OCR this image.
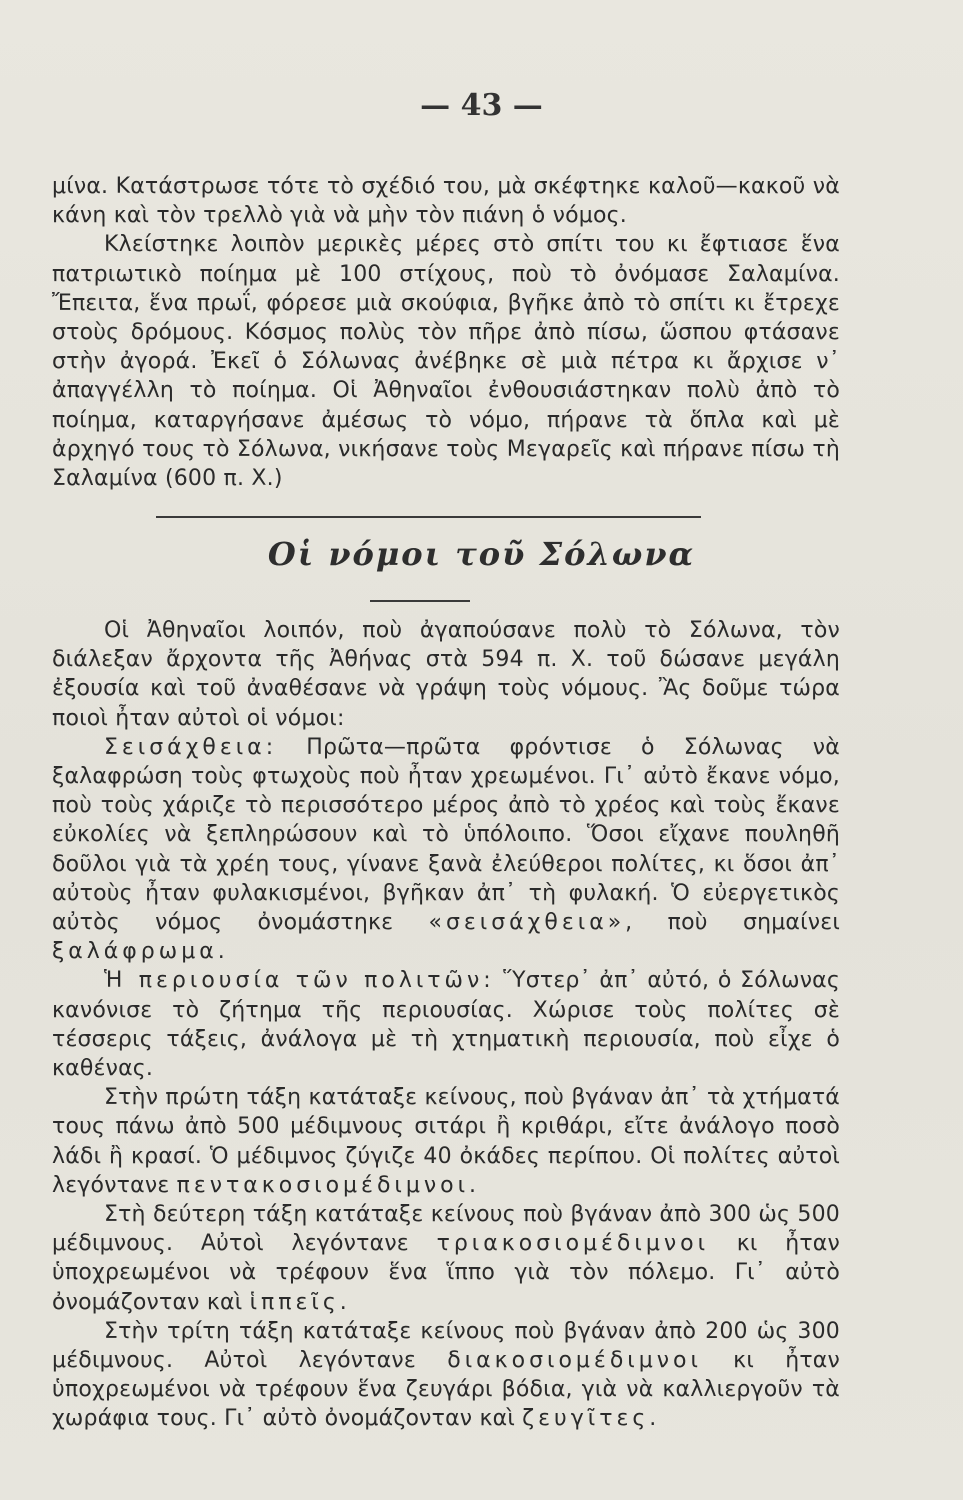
— 43 —

μίνα. Κατάστρωσε τότε τὸ σχέδιό του, μὰ σκέφτηκε καλοῦ—κακοῦ νὰ κάνη καὶ τὸν τρελλὸ γιὰ νὰ μὴν τὸν πιάνη ὁ νόμος.

Κλείστηκε λοιπὸν μερικὲς μέρες στὸ σπίτι του κι ἔφτιασε ἕνα πατριωτικὸ ποίημα μὲ 100 στίχους, ποὺ τὸ ὀνόμασε Σαλαμίνα. Ἔπειτα, ἕνα πρωΐ, φόρεσε μιὰ σκούφια, βγῆκε ἀπὸ τὸ σπίτι κι ἔτρεχε στοὺς δρόμους. Κόσμος πολὺς τὸν πῆρε ἀπὸ πίσω, ὥσπου φτάσανε στὴν ἀγορά. Ἐκεῖ ὁ Σόλωνας ἀνέβηκε σὲ μιὰ πέτρα κι ἄρχισε ν᾽ ἀπαγγέλλη τὸ ποίημα. Οἱ Ἀθηναῖοι ἐνθουσιάστηκαν πολὺ ἀπὸ τὸ ποίημα, καταργήσανε ἀμέσως τὸ νόμο, πήρανε τὰ ὅπλα καὶ μὲ ἀρχηγό τους τὸ Σόλωνα, νικήσανε τοὺς Μεγαρεῖς καὶ πήρανε πίσω τὴ Σαλαμίνα (600 π. Χ.)

Οἱ νόμοι τοῦ Σόλωνα

Οἱ Ἀθηναῖοι λοιπόν, ποὺ ἀγαπούσανε πολὺ τὸ Σόλωνα, τὸν διάλεξαν ἄρχοντα τῆς Ἀθήνας στὰ 594 π. Χ. τοῦ δώσανε μεγάλη ἐξουσία καὶ τοῦ ἀναθέσανε νὰ γράψη τοὺς νόμους. Ἂς δοῦμε τώρα ποιοὶ ἦταν αὐτοὶ οἱ νόμοι:

Σεισάχθεια: Πρῶτα—πρῶτα φρόντισε ὁ Σόλωνας νὰ ξαλαφρώση τοὺς φτωχοὺς ποὺ ἦταν χρεωμένοι. Γι᾽ αὐτὸ ἔκανε νόμο, ποὺ τοὺς χάριζε τὸ περισσότερο μέρος ἀπὸ τὸ χρέος καὶ τοὺς ἔκανε εὐκολίες νὰ ξεπληρώσουν καὶ τὸ ὑπόλοιπο. Ὅσοι εἴχανε πουληθῆ δοῦλοι γιὰ τὰ χρέη τους, γίνανε ξανὰ ἐλεύθεροι πολίτες, κι ὅσοι ἀπ᾽ αὐτοὺς ἦταν φυλακισμένοι, βγῆκαν ἀπ᾽ τὴ φυλακή. Ὁ εὐεργετικὸς αὐτὸς νόμος ὀνομάστηκε «σεισάχθεια», ποὺ σημαίνει ξαλάφρωμα.

Ἡ περιουσία τῶν πολιτῶν: Ὕστερ᾽ ἀπ᾽ αὐτό, ὁ Σόλωνας κανόνισε τὸ ζήτημα τῆς περιουσίας. Χώρισε τοὺς πολίτες σὲ τέσσερις τάξεις, ἀνάλογα μὲ τὴ χτηματικὴ περιουσία, ποὺ εἶχε ὁ καθένας.

Στὴν πρώτη τάξη κατάταξε κείνους, ποὺ βγάναν ἀπ᾽ τὰ χτήματά τους πάνω ἀπὸ 500 μέδιμνους σιτάρι ἢ κριθάρι, εἴτε ἀνάλογο ποσὸ λάδι ἢ κρασί. Ὁ μέδιμνος ζύγιζε 40 ὀκάδες περίπου. Οἱ πολίτες αὐτοὶ λεγόντανε πεντακοσιομέδιμνοι.

Στὴ δεύτερη τάξη κατάταξε κείνους ποὺ βγάναν ἀπὸ 300 ὡς 500 μέδιμνους. Αὐτοὶ λεγόντανε τριακοσιομέδιμνοι κι ἦταν ὑποχρεωμένοι νὰ τρέφουν ἕνα ἵππο γιὰ τὸν πόλεμο. Γι᾽ αὐτὸ ὀνομάζονταν καὶ ἱππεῖς.

Στὴν τρίτη τάξη κατάταξε κείνους ποὺ βγάναν ἀπὸ 200 ὡς 300 μέδιμνους. Αὐτοὶ λεγόντανε διακοσιομέδιμνοι κι ἦταν ὑποχρεωμένοι νὰ τρέφουν ἕνα ζευγάρι βόδια, γιὰ νὰ καλλιεργοῦν τὰ χωράφια τους. Γι᾽ αὐτὸ ὀνομάζονταν καὶ ζευγῖτες.
